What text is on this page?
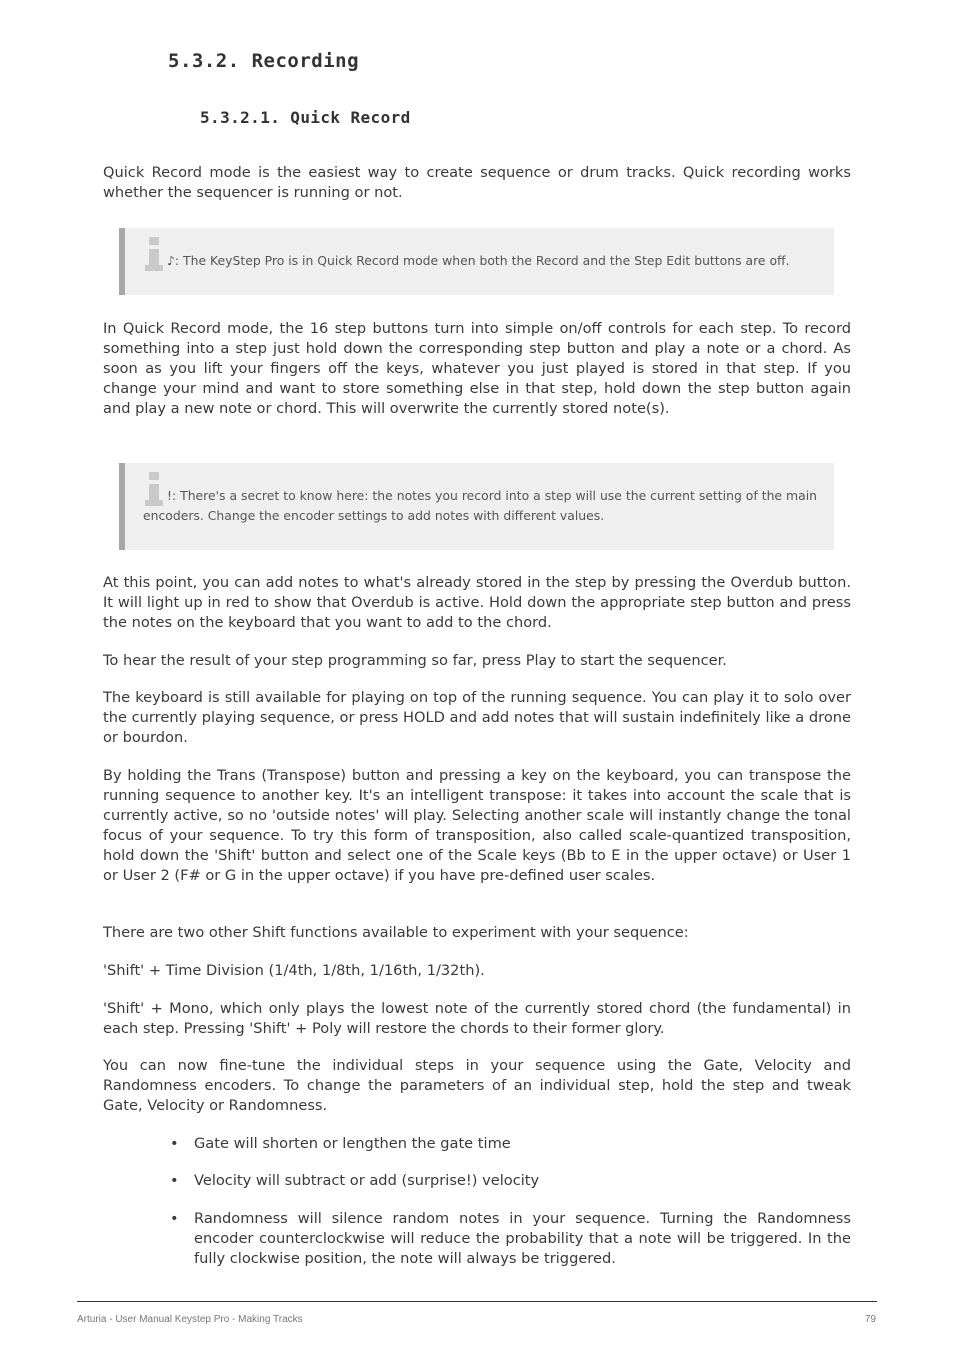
5.3.2. Recording
5.3.2.1. Quick Record

Quick Record mode is the easiest way to create sequence or drum tracks. Quick recording works whether the sequencer is running or not.

♪: The KeyStep Pro is in Quick Record mode when both the Record and the Step Edit buttons are off.

In Quick Record mode, the 16 step buttons turn into simple on/off controls for each step. To record something into a step just hold down the corresponding step button and play a note or a chord. As soon as you lift your fingers off the keys, whatever you just played is stored in that step. If you change your mind and want to store something else in that step, hold down the step button again and play a new note or chord. This will overwrite the currently stored note(s).

!: There's a secret to know here: the notes you record into a step will use the current setting of the main encoders. Change the encoder settings to add notes with different values.

At this point, you can add notes to what's already stored in the step by pressing the Overdub button. It will light up in red to show that Overdub is active. Hold down the appropriate step button and press the notes on the keyboard that you want to add to the chord.

To hear the result of your step programming so far, press Play to start the sequencer.

The keyboard is still available for playing on top of the running sequence. You can play it to solo over the currently playing sequence, or press HOLD and add notes that will sustain indefinitely like a drone or bourdon.

By holding the Trans (Transpose) button and pressing a key on the keyboard, you can transpose the running sequence to another key. It's an intelligent transpose: it takes into account the scale that is currently active, so no 'outside notes' will play. Selecting another scale will instantly change the tonal focus of your sequence. To try this form of transposition, also called scale-quantized transposition, hold down the 'Shift' button and select one of the Scale keys (Bb to E in the upper octave) or User 1 or User 2 (F# or G in the upper octave) if you have pre-defined user scales.

There are two other Shift functions available to experiment with your sequence:

'Shift' + Time Division (1/4th, 1/8th, 1/16th, 1/32th).

'Shift' + Mono, which only plays the lowest note of the currently stored chord (the fundamental) in each step. Pressing 'Shift' + Poly will restore the chords to their former glory.

You can now fine-tune the individual steps in your sequence using the Gate, Velocity and Randomness encoders. To change the parameters of an individual step, hold the step and tweak Gate, Velocity or Randomness.

• Gate will shorten or lengthen the gate time
• Velocity will subtract or add (surprise!) velocity
• Randomness will silence random notes in your sequence. Turning the Randomness encoder counterclockwise will reduce the probability that a note will be triggered. In the fully clockwise position, the note will always be triggered.
Arturia - User Manual Keystep Pro - Making Tracks	79
